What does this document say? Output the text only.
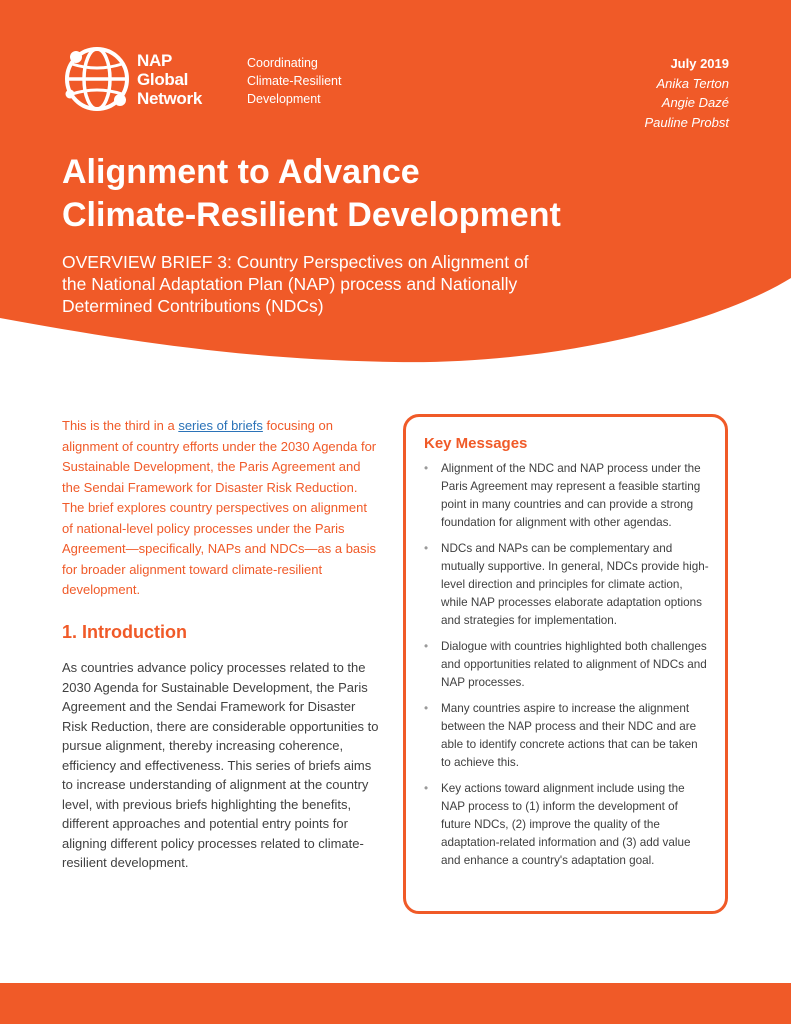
NAP
Global
Network
Coordinating
Climate-Resilient
Development
July 2019
Anika Terton
Angie Dazé
Pauline Probst
Alignment to Advance
Climate-Resilient Development

OVERVIEW BRIEF 3: Country Perspectives on Alignment of
the National Adaptation Plan (NAP) process and Nationally
Determined Contributions (NDCs)

This is the third in a series of briefs focusing on alignment of country efforts under the 2030 Agenda for Sustainable Development, the Paris Agreement and the Sendai Framework for Disaster Risk Reduction. The brief explores country perspectives on alignment of national-level policy processes under the Paris Agreement—specifically, NAPs and NDCs—as a basis for broader alignment toward climate-resilient development.

1. Introduction

As countries advance policy processes related to the 2030 Agenda for Sustainable Development, the Paris Agreement and the Sendai Framework for Disaster Risk Reduction, there are considerable opportunities to pursue alignment, thereby increasing coherence, efficiency and effectiveness. This series of briefs aims to increase understanding of alignment at the country level, with previous briefs highlighting the benefits, different approaches and potential entry points for aligning different policy processes related to climate-resilient development.

Key Messages
• Alignment of the NDC and NAP process under the Paris Agreement may represent a feasible starting point in many countries and can provide a strong foundation for alignment with other agendas.
• NDCs and NAPs can be complementary and mutually supportive. In general, NDCs provide high-level direction and principles for climate action, while NAP processes elaborate adaptation options and strategies for implementation.
• Dialogue with countries highlighted both challenges and opportunities related to alignment of NDCs and NAP processes.
• Many countries aspire to increase the alignment between the NAP process and their NDC and are able to identify concrete actions that can be taken to achieve this.
• Key actions toward alignment include using the NAP process to (1) inform the development of future NDCs, (2) improve the quality of the adaptation-related information and (3) add value and enhance a country's adaptation goal.
